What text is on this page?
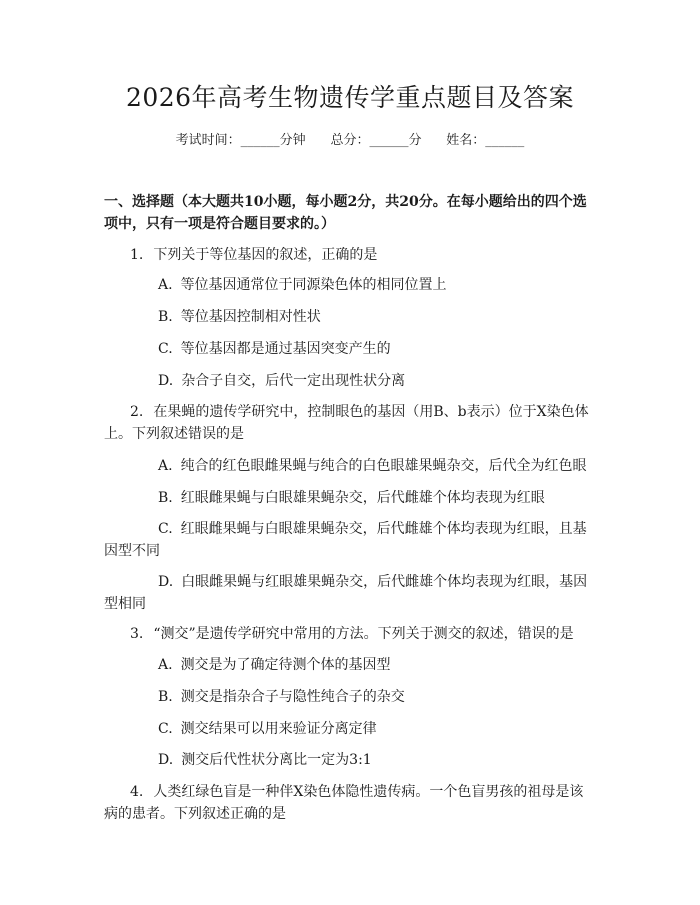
2026年高考生物遗传学重点题目及答案
考试时间：______分钟 总分：______分 姓名：______
一、选择题（本大题共10小题，每小题2分，共20分。在每小题给出的四个选项中，只有一项是符合题目要求的。）
1. 下列关于等位基因的叙述，正确的是
A. 等位基因通常位于同源染色体的相同位置上
B. 等位基因控制相对性状
C. 等位基因都是通过基因突变产生的
D. 杂合子自交，后代一定出现性状分离
2. 在果蝇的遗传学研究中，控制眼色的基因（用B、b表示）位于X染色体上。下列叙述错误的是
A. 纯合的红色眼雌果蝇与纯合的白色眼雄果蝇杂交，后代全为红色眼
B. 红眼雌果蝇与白眼雄果蝇杂交，后代雌雄个体均表现为红眼
C. 红眼雌果蝇与白眼雄果蝇杂交，后代雌雄个体均表现为红眼，且基因型不同
D. 白眼雌果蝇与红眼雄果蝇杂交，后代雌雄个体均表现为红眼，基因型相同
3. “测交”是遗传学研究中常用的方法。下列关于测交的叙述，错误的是
A. 测交是为了确定待测个体的基因型
B. 测交是指杂合子与隐性纯合子的杂交
C. 测交结果可以用来验证分离定律
D. 测交后代性状分离比一定为3:1
4. 人类红绿色盲是一种伴X染色体隐性遗传病。一个色盲男孩的祖母是该病的患者。下列叙述正确的是
